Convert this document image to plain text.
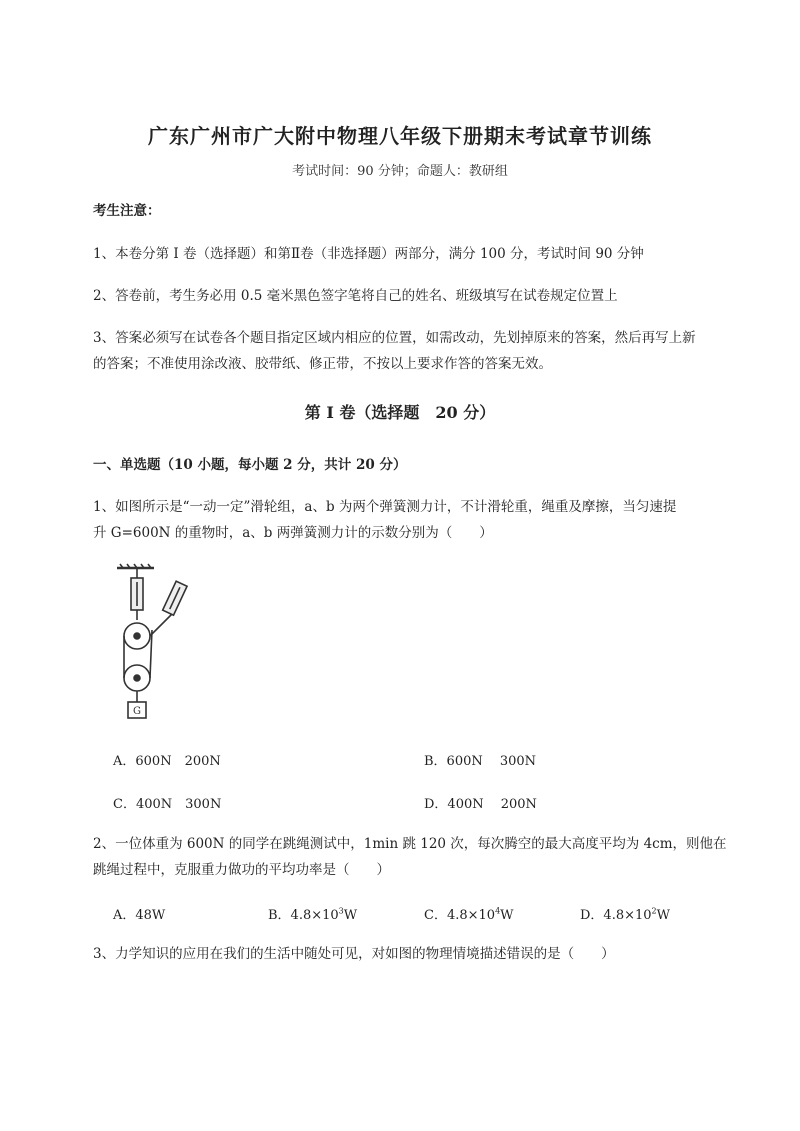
广东广州市广大附中物理八年级下册期末考试章节训练
考试时间：90 分钟；命题人：教研组
考生注意：
1、本卷分第 I 卷（选择题）和第Ⅱ卷（非选择题）两部分，满分 100 分，考试时间 90 分钟
2、答卷前，考生务必用 0.5 毫米黑色签字笔将自己的姓名、班级填写在试卷规定位置上
3、答案必须写在试卷各个题目指定区域内相应的位置，如需改动，先划掉原来的答案，然后再写上新
的答案；不准使用涂改液、胶带纸、修正带，不按以上要求作答的答案无效。
第 I 卷（选择题　20 分）
一、单选题（10 小题，每小题 2 分，共计 20 分）
1、如图所示是“一动一定”滑轮组，a、b 为两个弹簧测力计，不计滑轮重，绳重及摩擦，当匀速提
升 G=600N 的重物时，a、b 两弹簧测力计的示数分别为（　　）
G
A．600N　200N	B．600N　 300N
C．400N　300N	D．400N　 200N
2、一位体重为 600N 的同学在跳绳测试中，1min 跳 120 次，每次腾空的最大高度平均为 4cm，则他在
跳绳过程中，克服重力做功的平均功率是（　　）
A．48W	B．$4.8\times 10^3W$	C．$4.8\times 10^4W$	D．$4.8\times 10^2W$
3、力学知识的应用在我们的生活中随处可见，对如图的物理情境描述错误的是（　　）
